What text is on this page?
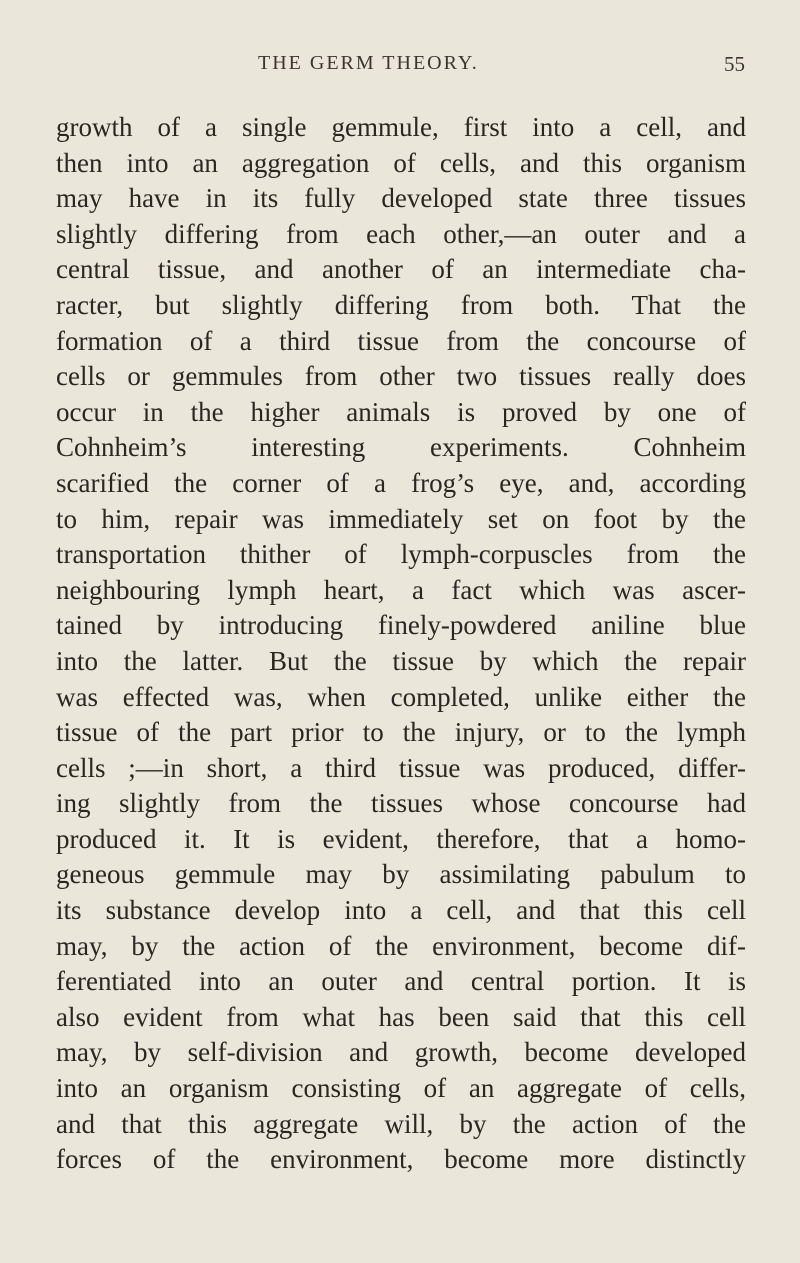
THE GERM THEORY.	55
growth of a single gemmule, first into a cell, and
then into an aggregation of cells, and this organism
may have in its fully developed state three tissues
slightly differing from each other,—an outer and a
central tissue, and another of an intermediate cha-
racter, but slightly differing from both. That the
formation of a third tissue from the concourse of
cells or gemmules from other two tissues really does
occur in the higher animals is proved by one of
Cohnheim’s interesting experiments. Cohnheim
scarified the corner of a frog’s eye, and, according
to him, repair was immediately set on foot by the
transportation thither of lymph-corpuscles from the
neighbouring lymph heart, a fact which was ascer-
tained by introducing finely-powdered aniline blue
into the latter. But the tissue by which the repair
was effected was, when completed, unlike either the
tissue of the part prior to the injury, or to the lymph
cells ;—in short, a third tissue was produced, differ-
ing slightly from the tissues whose concourse had
produced it. It is evident, therefore, that a homo-
geneous gemmule may by assimilating pabulum to
its substance develop into a cell, and that this cell
may, by the action of the environment, become dif-
ferentiated into an outer and central portion. It is
also evident from what has been said that this cell
may, by self-division and growth, become developed
into an organism consisting of an aggregate of cells,
and that this aggregate will, by the action of the
forces of the environment, become more distinctly
